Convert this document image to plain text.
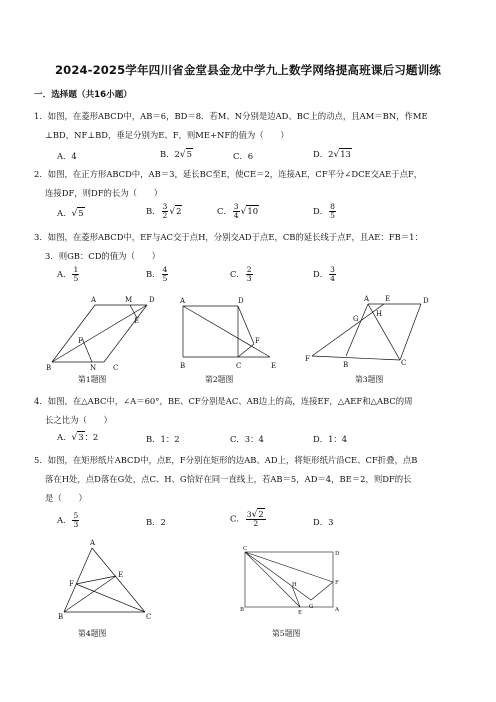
2024-2025学年四川省金堂县金龙中学九上数学网络提高班课后习题训练
一．选择题（共16小题）
1．如图，在菱形ABCD中，AB＝6，BD＝8．若M、N分别是边AD、BC上的动点，且AM＝BN，作ME
⊥BD，NF⊥BD，垂足分别为E、F，则ME+NF的值为（　　）
A．4	B．2√5	C．6	D．2√13
2．如图，在正方形ABCD中，AB＝3，延长BC至E，使CE＝2，连接AE，CF平分∠DCE交AE于点F，
连接DF，则DF的长为（　　）
A．√5	B． $\frac{3}{2} √2$	C． $\frac{3}{4} √10$	D． $\frac{8}{5}$
3．如图，在菱形ABCD中，EF与AC交于点H，分别交AD于点E，CB的延长线于点F，且AE：FB＝1：
3．则GB：CD的值为（　　）
A． $\frac{1}{5}$	B． $\frac{4}{5}$	C． $\frac{2}{3}$	D． $\frac{3}{4}$
A	M D
E
F
B	N C
第1题图
A	D
F
B	C	E
第2题图
A E	D
G
H
F
B	C
第3题图
4．如图，在△ABC中，∠A＝60°，BE、CF分别是AC、AB边上的高，连接EF，△AEF和△ABC的周
长之比为（　　）
A．√3：2	B．1：2	C．3：4	D．1：4
5．如图，在矩形纸片ABCD中，点E，F分别在矩形的边AB、AD上，将矩形纸片沿CE、CF折叠，点B
落在H处，点D落在G处，点C、H、G恰好在同一直线上，若AB＝5，AD＝4，BE＝2，则DF的长
是（　　）
A． $\frac{5}{3}$	B．2	C． $\frac{3√2}{2}$	D．3
A
E
F
B	C
第4题图
C
D
H	F
G
B	E	A
第5题图
